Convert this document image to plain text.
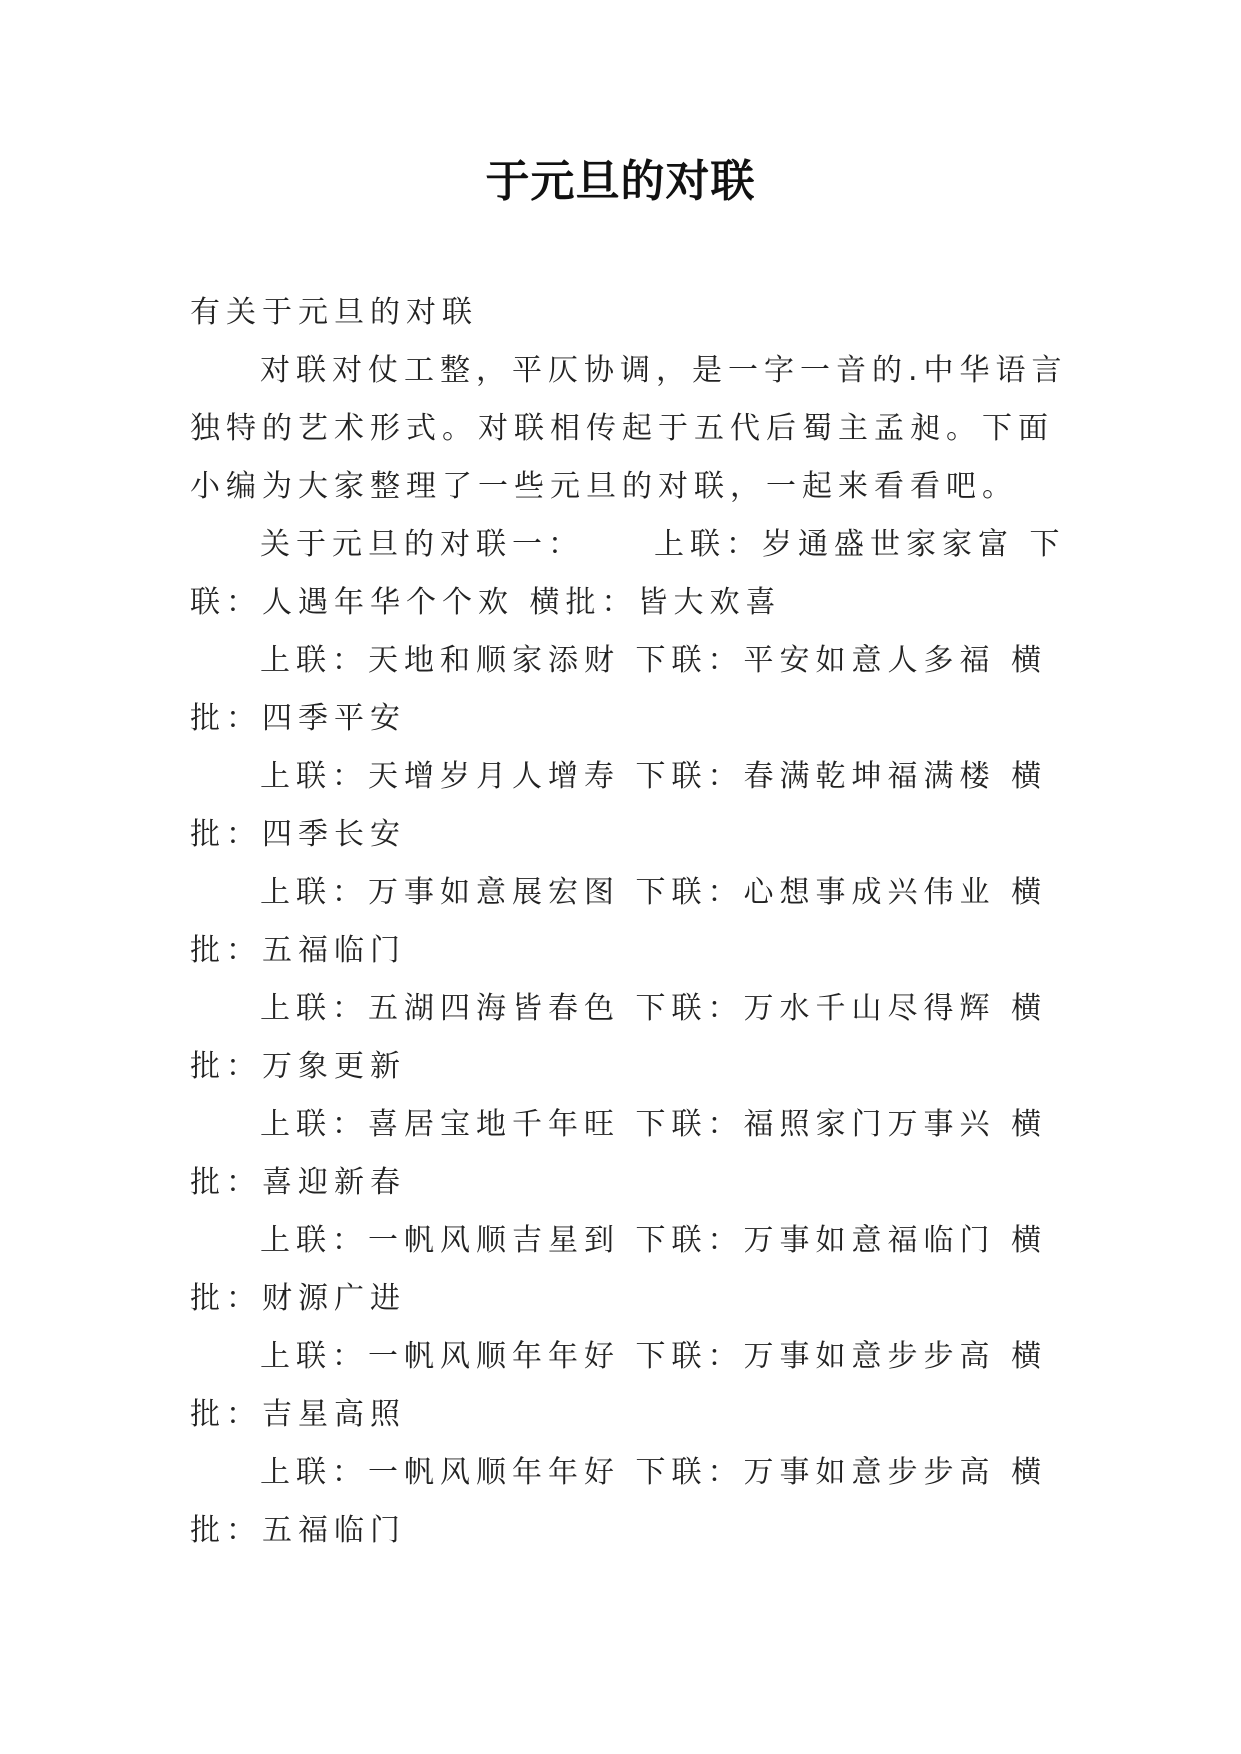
于元旦的对联

有关于元旦的对联

对联对仗工整，平仄协调，是一字一音的.中华语言独特的艺术形式。对联相传起于五代后蜀主孟昶。下面小编为大家整理了一些元旦的对联，一起来看看吧。

关于元旦的对联一： 上联：岁通盛世家家富 下联：人遇年华个个欢 横批：皆大欢喜

上联：天地和顺家添财 下联：平安如意人多福 横批：四季平安

上联：天增岁月人增寿 下联：春满乾坤福满楼 横批：四季长安

上联：万事如意展宏图 下联：心想事成兴伟业 横批：五福临门

上联：五湖四海皆春色 下联：万水千山尽得辉 横批：万象更新

上联：喜居宝地千年旺 下联：福照家门万事兴 横批：喜迎新春

上联：一帆风顺吉星到 下联：万事如意福临门 横批：财源广进

上联：一帆风顺年年好 下联：万事如意步步高 横批：吉星高照

上联：一帆风顺年年好 下联：万事如意步步高 横批：五福临门
